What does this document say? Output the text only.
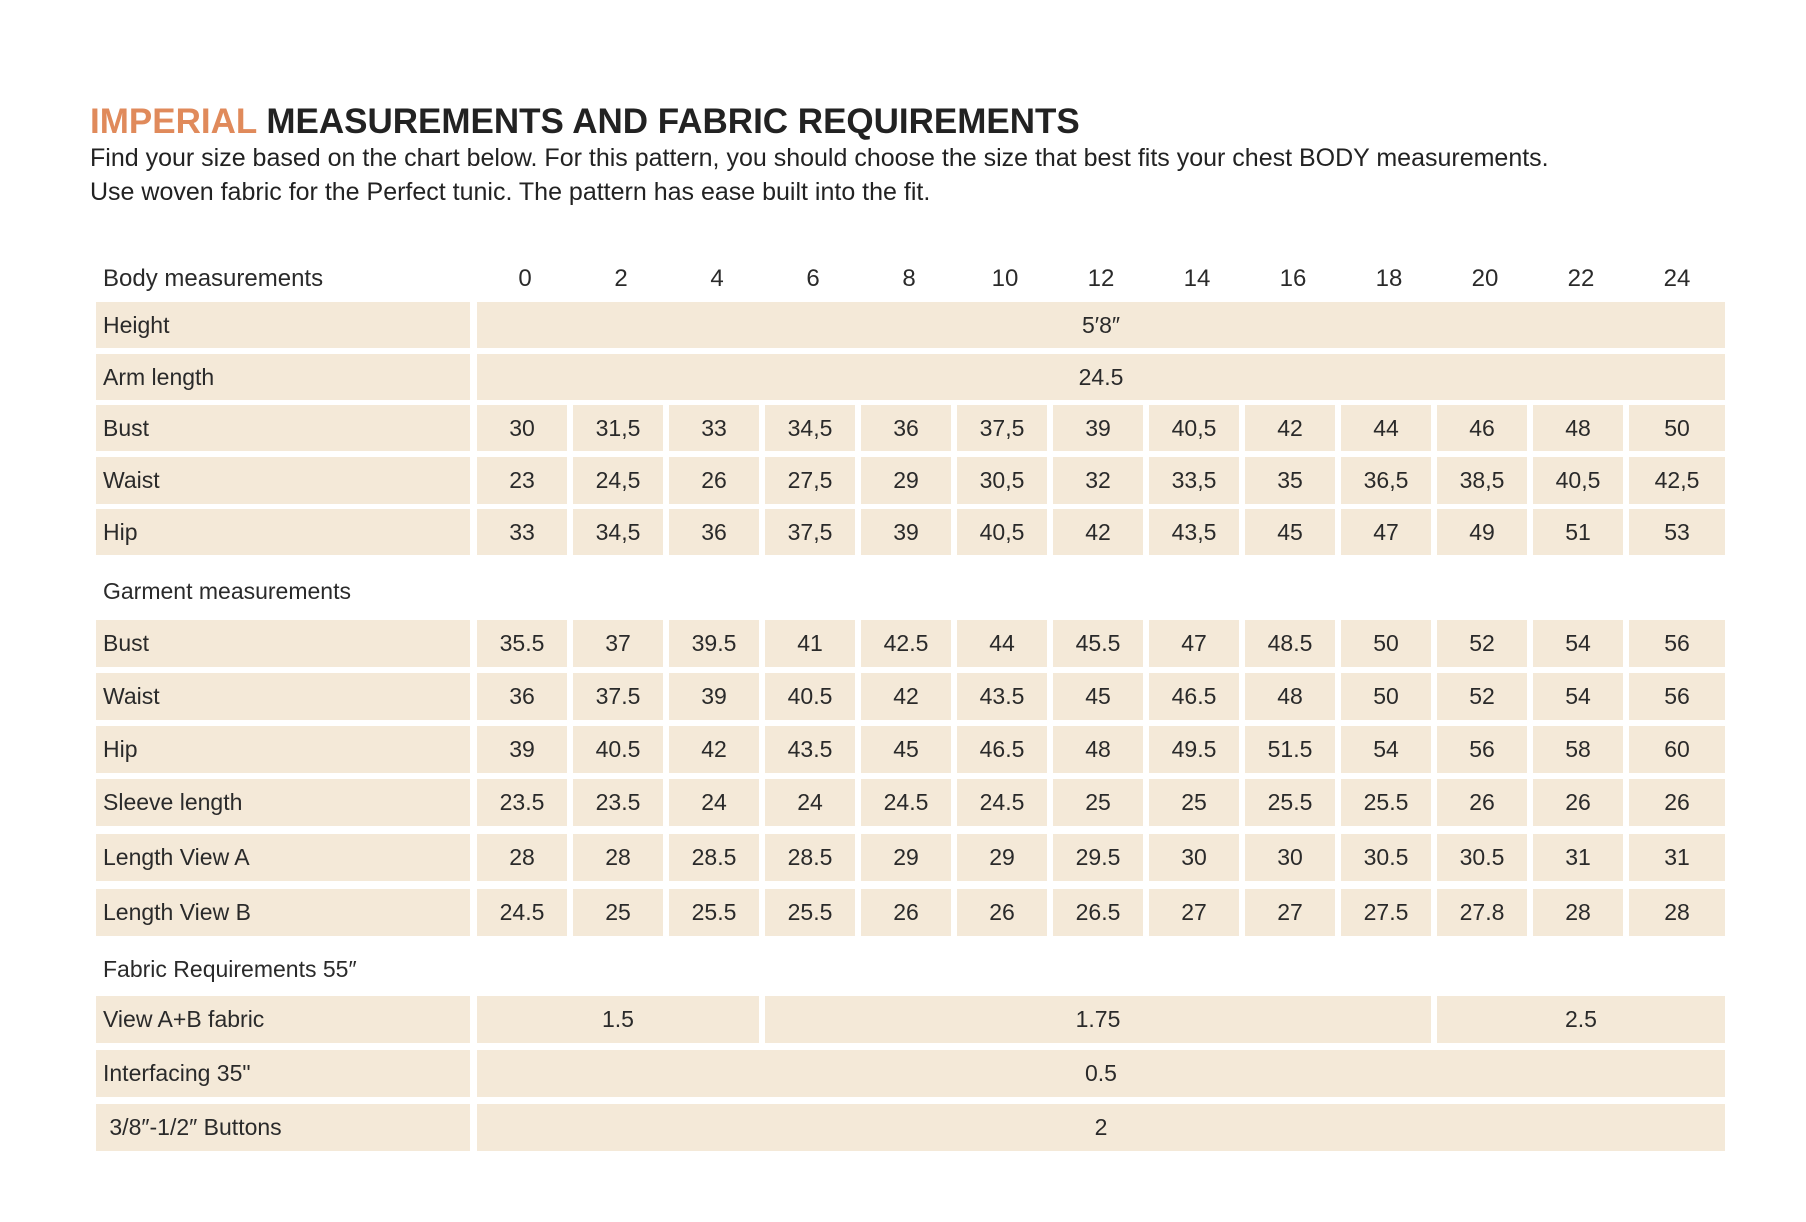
IMPERIAL MEASUREMENTS AND FABRIC REQUIREMENTS
Find your size based on the chart below. For this pattern, you should choose the size that best fits your chest BODY measurements.
Use woven fabric for the Perfect tunic. The pattern has ease built into the fit.
Body measurements	0	2	4	6	8	10	12	14	16	18	20	22	24
Height	5′8″
Arm length	24.5
Bust	30	31,5	33	34,5	36	37,5	39	40,5	42	44	46	48	50
Waist	23	24,5	26	27,5	29	30,5	32	33,5	35	36,5	38,5	40,5	42,5
Hip	33	34,5	36	37,5	39	40,5	42	43,5	45	47	49	51	53
Garment measurements
Bust	35.5	37	39.5	41	42.5	44	45.5	47	48.5	50	52	54	56
Waist	36	37.5	39	40.5	42	43.5	45	46.5	48	50	52	54	56
Hip	39	40.5	42	43.5	45	46.5	48	49.5	51.5	54	56	58	60
Sleeve length	23.5	23.5	24	24	24.5	24.5	25	25	25.5	25.5	26	26	26
Length View A	28	28	28.5	28.5	29	29	29.5	30	30	30.5	30.5	31	31
Length View B	24.5	25	25.5	25.5	26	26	26.5	27	27	27.5	27.8	28	28
Fabric Requirements 55″
View A+B fabric	1.5	1.75	2.5
Interfacing 35"	0.5
3/8″-1/2″ Buttons	2
